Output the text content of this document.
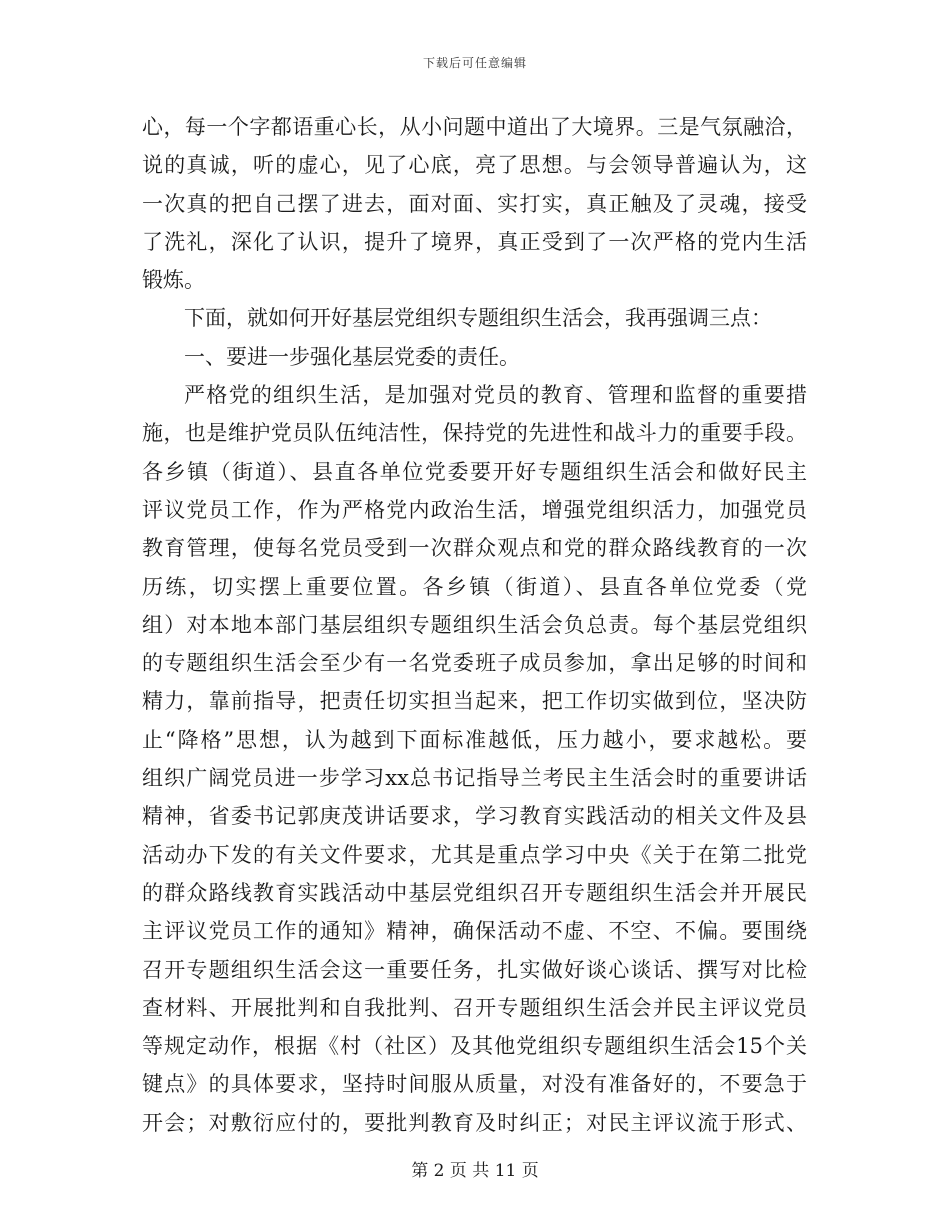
下载后可任意编辑
心，每一个字都语重心长，从小问题中道出了大境界。三是气氛融洽，
说的真诚，听的虚心，见了心底，亮了思想。与会领导普遍认为，这
一次真的把自己摆了进去，面对面、实打实，真正触及了灵魂，接受
了洗礼，深化了认识，提升了境界，真正受到了一次严格的党内生活
锻炼。
下面，就如何开好基层党组织专题组织生活会，我再强调三点：
一、要进一步强化基层党委的责任。
严格党的组织生活，是加强对党员的教育、管理和监督的重要措
施，也是维护党员队伍纯洁性，保持党的先进性和战斗力的重要手段。
各乡镇（街道）、县直各单位党委要开好专题组织生活会和做好民主
评议党员工作，作为严格党内政治生活，增强党组织活力，加强党员
教育管理，使每名党员受到一次群众观点和党的群众路线教育的一次
历练，切实摆上重要位置。各乡镇（街道）、县直各单位党委（党
组）对本地本部门基层组织专题组织生活会负总责。每个基层党组织
的专题组织生活会至少有一名党委班子成员参加，拿出足够的时间和
精力，靠前指导，把责任切实担当起来，把工作切实做到位，坚决防
止“降格”思想，认为越到下面标准越低，压力越小，要求越松。要
组织广阔党员进一步学习xx总书记指导兰考民主生活会时的重要讲话
精神，省委书记郭庚茂讲话要求，学习教育实践活动的相关文件及县
活动办下发的有关文件要求，尤其是重点学习中央《关于在第二批党
的群众路线教育实践活动中基层党组织召开专题组织生活会并开展民
主评议党员工作的通知》精神，确保活动不虚、不空、不偏。要围绕
召开专题组织生活会这一重要任务，扎实做好谈心谈话、撰写对比检
查材料、开展批判和自我批判、召开专题组织生活会并民主评议党员
等规定动作，根据《村（社区）及其他党组织专题组织生活会15个关
键点》的具体要求，坚持时间服从质量，对没有准备好的，不要急于
开会；对敷衍应付的，要批判教育及时纠正；对民主评议流于形式、
第 2 页 共 11 页
